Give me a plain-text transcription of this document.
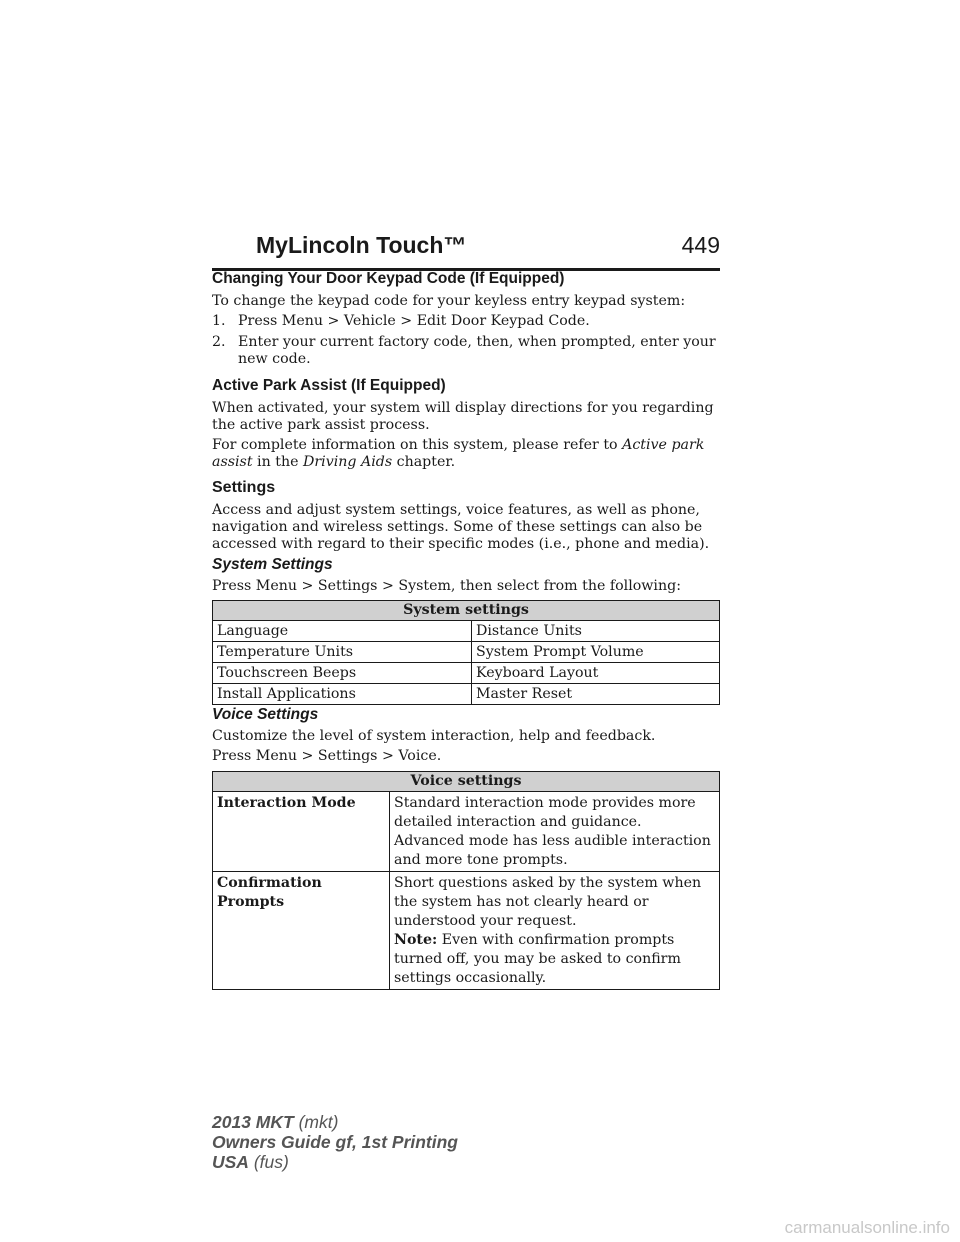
MyLincoln Touch™	449
Changing Your Door Keypad Code (If Equipped)

To change the keypad code for your keyless entry keypad system:

1. Press Menu > Vehicle > Edit Door Keypad Code.
2. Enter your current factory code, then, when prompted, enter your new code.
Active Park Assist (If Equipped)

When activated, your system will display directions for you regarding the active park assist process.

For complete information on this system, please refer to Active park assist in the Driving Aids chapter.

Settings

Access and adjust system settings, voice features, as well as phone, navigation and wireless settings. Some of these settings can also be accessed with regard to their specific modes (i.e., phone and media).

System Settings

Press Menu > Settings > System, then select from the following:

System settings	
Language	Distance Units
Temperature Units	System Prompt Volume
Touchscreen Beeps	Keyboard Layout
Install Applications	Master Reset
Voice Settings

Customize the level of system interaction, help and feedback.

Press Menu > Settings > Voice.

Voice settings	
Interaction Mode	Standard interaction mode provides more detailed interaction and guidance.
Advanced mode has less audible interaction and more tone prompts.

Confirmation Prompts	Short questions asked by the system when the system has not clearly heard or understood your request.
Note: Even with confirmation prompts turned off, you may be asked to confirm settings occasionally.
2013 MKT (mkt)
Owners Guide gf, 1st Printing
USA (fus)
carmanualsonline.info
